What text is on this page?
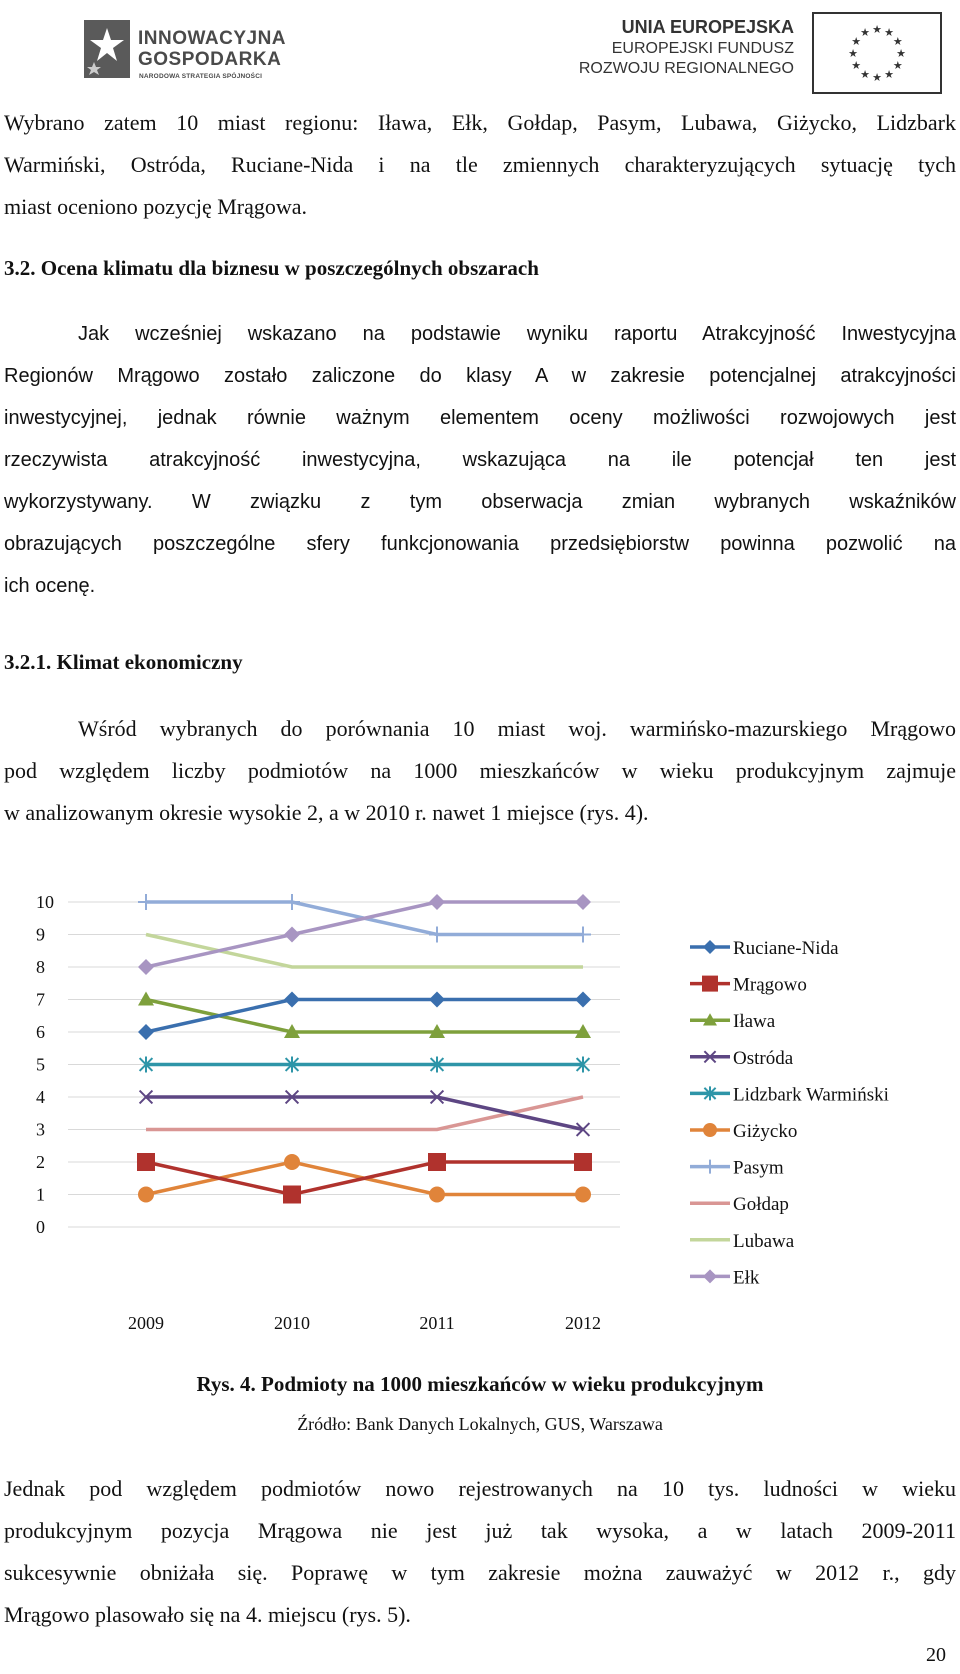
INNOWACYJNA
GOSPODARKA
NARODOWA STRATEGIA SPÓJNOŚCI
UNIA EUROPEJSKA
EUROPEJSKI FUNDUSZ
ROZWOJU REGIONALNEGO
★ ★
★
★
★
★
★
★
★
★
★
★
Wybrano zatem 10 miast regionu: Iława, Ełk, Gołdap, Pasym, Lubawa, Giżycko, Lidzbark
Warmiński, Ostróda, Ruciane-Nida i na tle zmiennych charakteryzujących sytuację tych
miast oceniono pozycję Mrągowa.
3.2. Ocena klimatu dla biznesu w poszczególnych obszarach
Jak wcześniej wskazano na podstawie wyniku raportu Atrakcyjność Inwestycyjna
Regionów Mrągowo zostało zaliczone do klasy A w zakresie potencjalnej atrakcyjności
inwestycyjnej, jednak równie ważnym elementem oceny możliwości rozwojowych jest
rzeczywista atrakcyjność inwestycyjna, wskazująca na ile potencjał ten jest
wykorzystywany. W związku z tym obserwacja zmian wybranych wskaźników
obrazujących poszczególne sfery funkcjonowania przedsiębiorstw powinna pozwolić na
ich ocenę.
3.2.1. Klimat ekonomiczny
Wśród wybranych do porównania 10 miast woj. warmińsko-mazurskiego Mrągowo
pod względem liczby podmiotów na 1000 mieszkańców w wieku produkcyjnym zajmuje
w analizowanym okresie wysokie 2, a w 2010 r. nawet 1 miejsce (rys. 4).
0
1
2
3
4
5
6
7
8
9
10
2009	2010	2011	2012
Ruciane-Nida
Mrągowo
Iława
Ostróda
Lidzbark Warmiński
Giżycko
Pasym
Gołdap
Lubawa
Ełk
Rys. 4. Podmioty na 1000 mieszkańców w wieku produkcyjnym
Źródło: Bank Danych Lokalnych, GUS, Warszawa
Jednak pod względem podmiotów nowo rejestrowanych na 10 tys. ludności w wieku
produkcyjnym pozycja Mrągowa nie jest już tak wysoka, a w latach 2009-2011
sukcesywnie obniżała się. Poprawę w tym zakresie można zauważyć w 2012 r., gdy
Mrągowo plasowało się na 4. miejscu (rys. 5).
20
